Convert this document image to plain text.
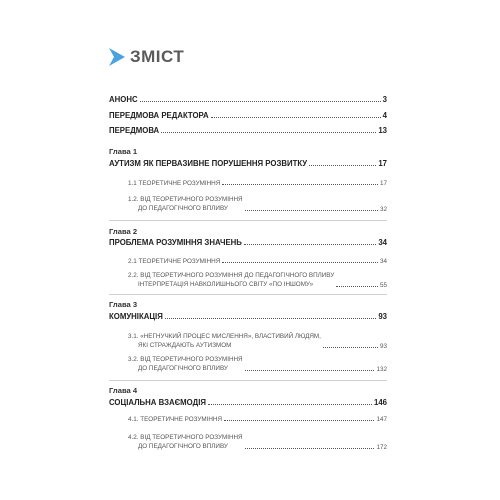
ЗМІСТ
АНОНС	3
ПЕРЕДМОВА РЕДАКТОРА	4
ПЕРЕДМОВА	13
Глава 1
АУТИЗМ ЯК ПЕРВАЗИВНЕ ПОРУШЕННЯ РОЗВИТКУ	17
1.1 ТЕОРЕТИЧНЕ РОЗУМІННЯ	17
1.2. ВІД ТЕОРЕТИЧНОГО РОЗУМІННЯ
ДО ПЕДАГОГІЧНОГО ВПЛИВУ	32
Глава 2
ПРОБЛЕМА РОЗУМІННЯ ЗНАЧЕНЬ	34
2.1 ТЕОРЕТИЧНЕ РОЗУМІННЯ	34
2.2. ВІД ТЕОРЕТИЧНОГО РОЗУМІННЯ ДО ПЕДАГОГІЧНОГО ВПЛИВУ
ІНТЕРПРЕТАЦІЯ НАВКОЛИШНЬОГО СВІТУ «ПО ІНШОМУ»	55
Глава 3
КОМУНІКАЦІЯ	93
3.1. «НЕГНУЧКИЙ ПРОЦЕС МИСЛЕННЯ», ВЛАСТИВИЙ ЛЮДЯМ,
ЯКІ СТРАЖДАЮТЬ АУТИЗМОМ	93
3.2. ВІД ТЕОРЕТИЧНОГО РОЗУМІННЯ
ДО ПЕДАГОГІЧНОГО ВПЛИВУ	132
Глава 4
СОЦІАЛЬНА ВЗАЄМОДІЯ	146
4.1. ТЕОРЕТИЧНЕ РОЗУМІННЯ	147
4.2. ВІД ТЕОРЕТИЧНОГО РОЗУМІННЯ
ДО ПЕДАГОГІЧНОГО ВПЛИВУ	172
